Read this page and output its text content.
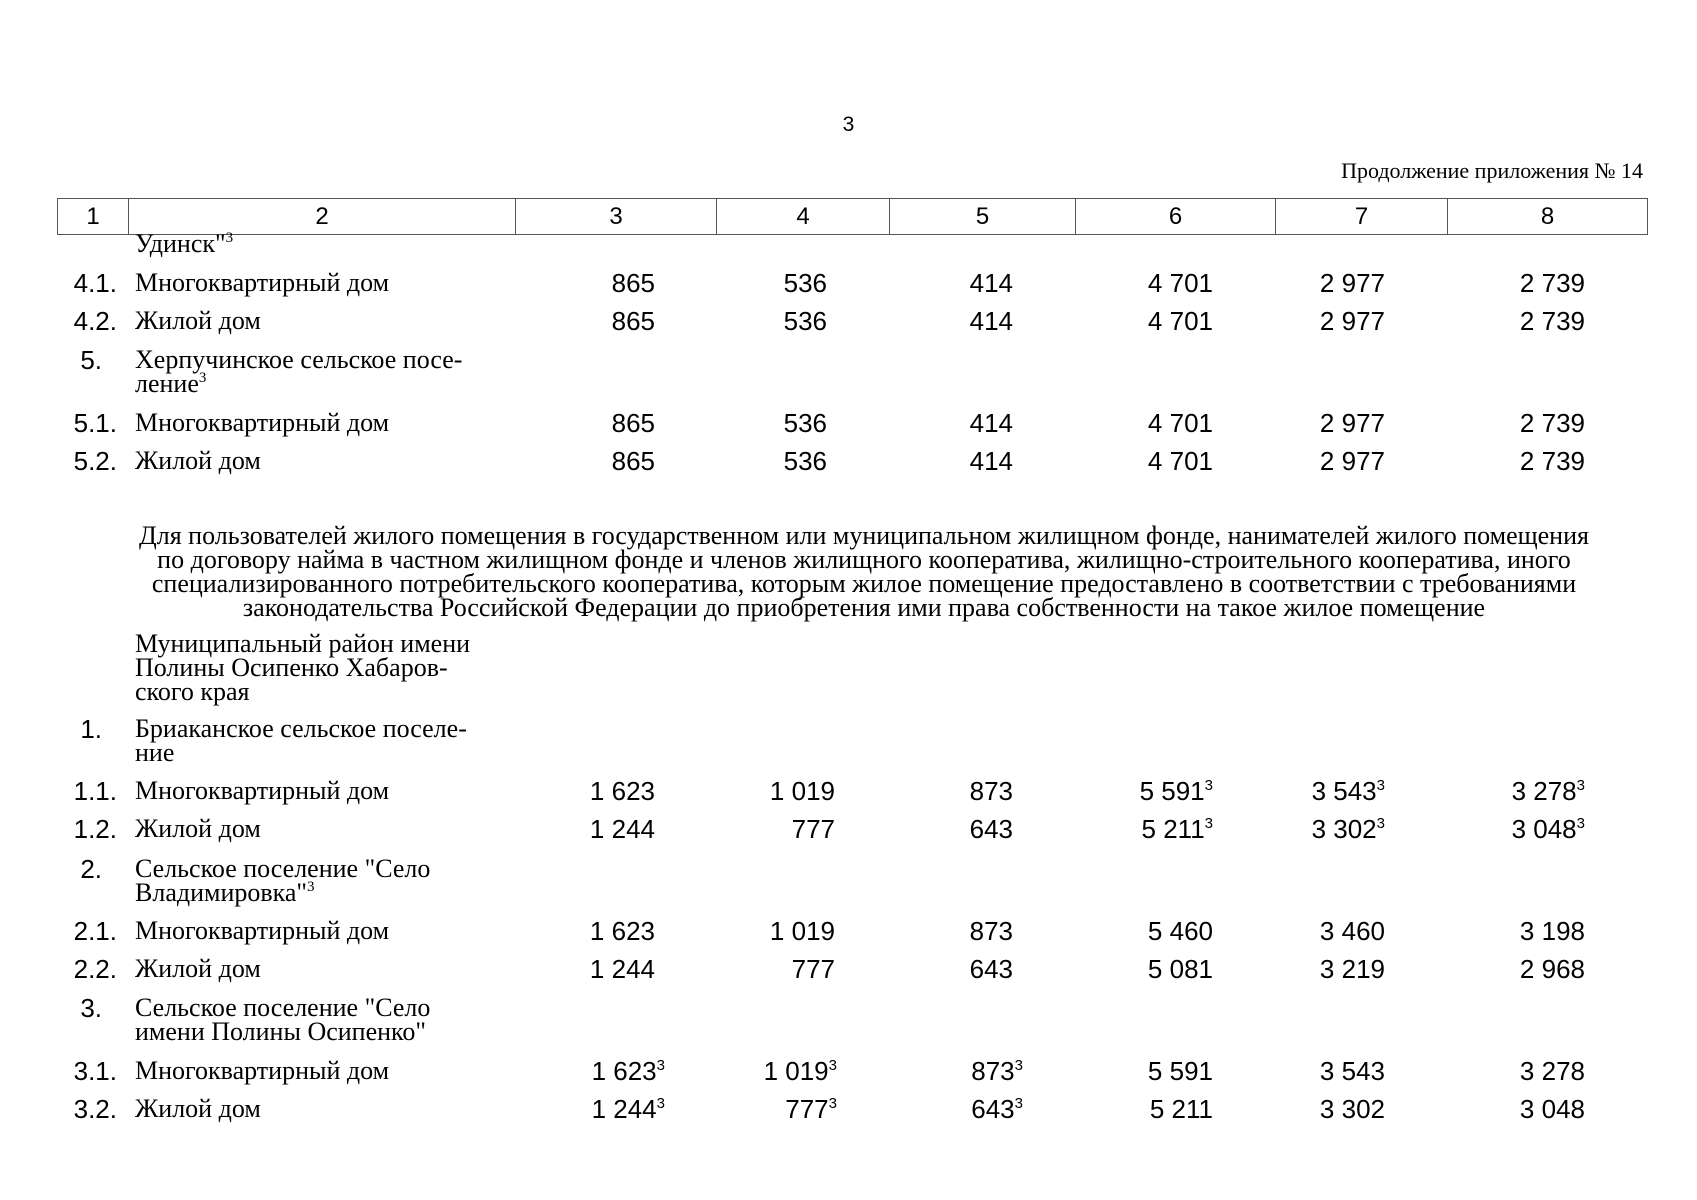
3
Продолжение приложения № 14
1	2	3	4	5	6	7	8
Удинск"$^3$
4.1. Многоквартирный дом	865	536	414	4 701	2 977	2 739
4.2. Жилой дом	865	536	414	4 701	2 977	2 739
5. Херпучинское сельское посе-
ление$^3$
5.1. Многоквартирный дом	865	536	414	4 701	2 977	2 739
5.2. Жилой дом	865	536	414	4 701	2 977	2 739
Для пользователей жилого помещения в государственном или муниципальном жилищном фонде, нанимателей жилого помещения
по договору найма в частном жилищном фонде и членов жилищного кооператива, жилищно-строительного кооператива, иного
специализированного потребительского кооператива, которым жилое помещение предоставлено в соответствии с требованиями
законодательства Российской Федерации до приобретения ими права собственности на такое жилое помещение
Муниципальный район имени
Полины Осипенко Хабаров-
ского края
1. Бриаканское сельское поселе-
ние
1.1. Многоквартирный дом	1 623	1 019	873	5 $591^3$	3 $543^3$	3 $278^3$
1.2. Жилой дом	1 244	777	643	5 $211^3$	3 $302^3$	3 $048^3$
2. Сельское поселение "Село
Владимировка"$^3$
2.1. Многоквартирный дом	1 623	1 019	873	5 460	3 460	3 198
2.2. Жилой дом	1 244	777	643	5 081	3 219	2 968
3. Сельское поселение "Село
имени Полины Осипенко"
3.1. Многоквартирный дом	1 $623^3$	1 $019^3$	$873^3$	5 591	3 543	3 278
3.2. Жилой дом	1 $244^3$	$777^3$	$643^3$	5 211	3 302	3 048
